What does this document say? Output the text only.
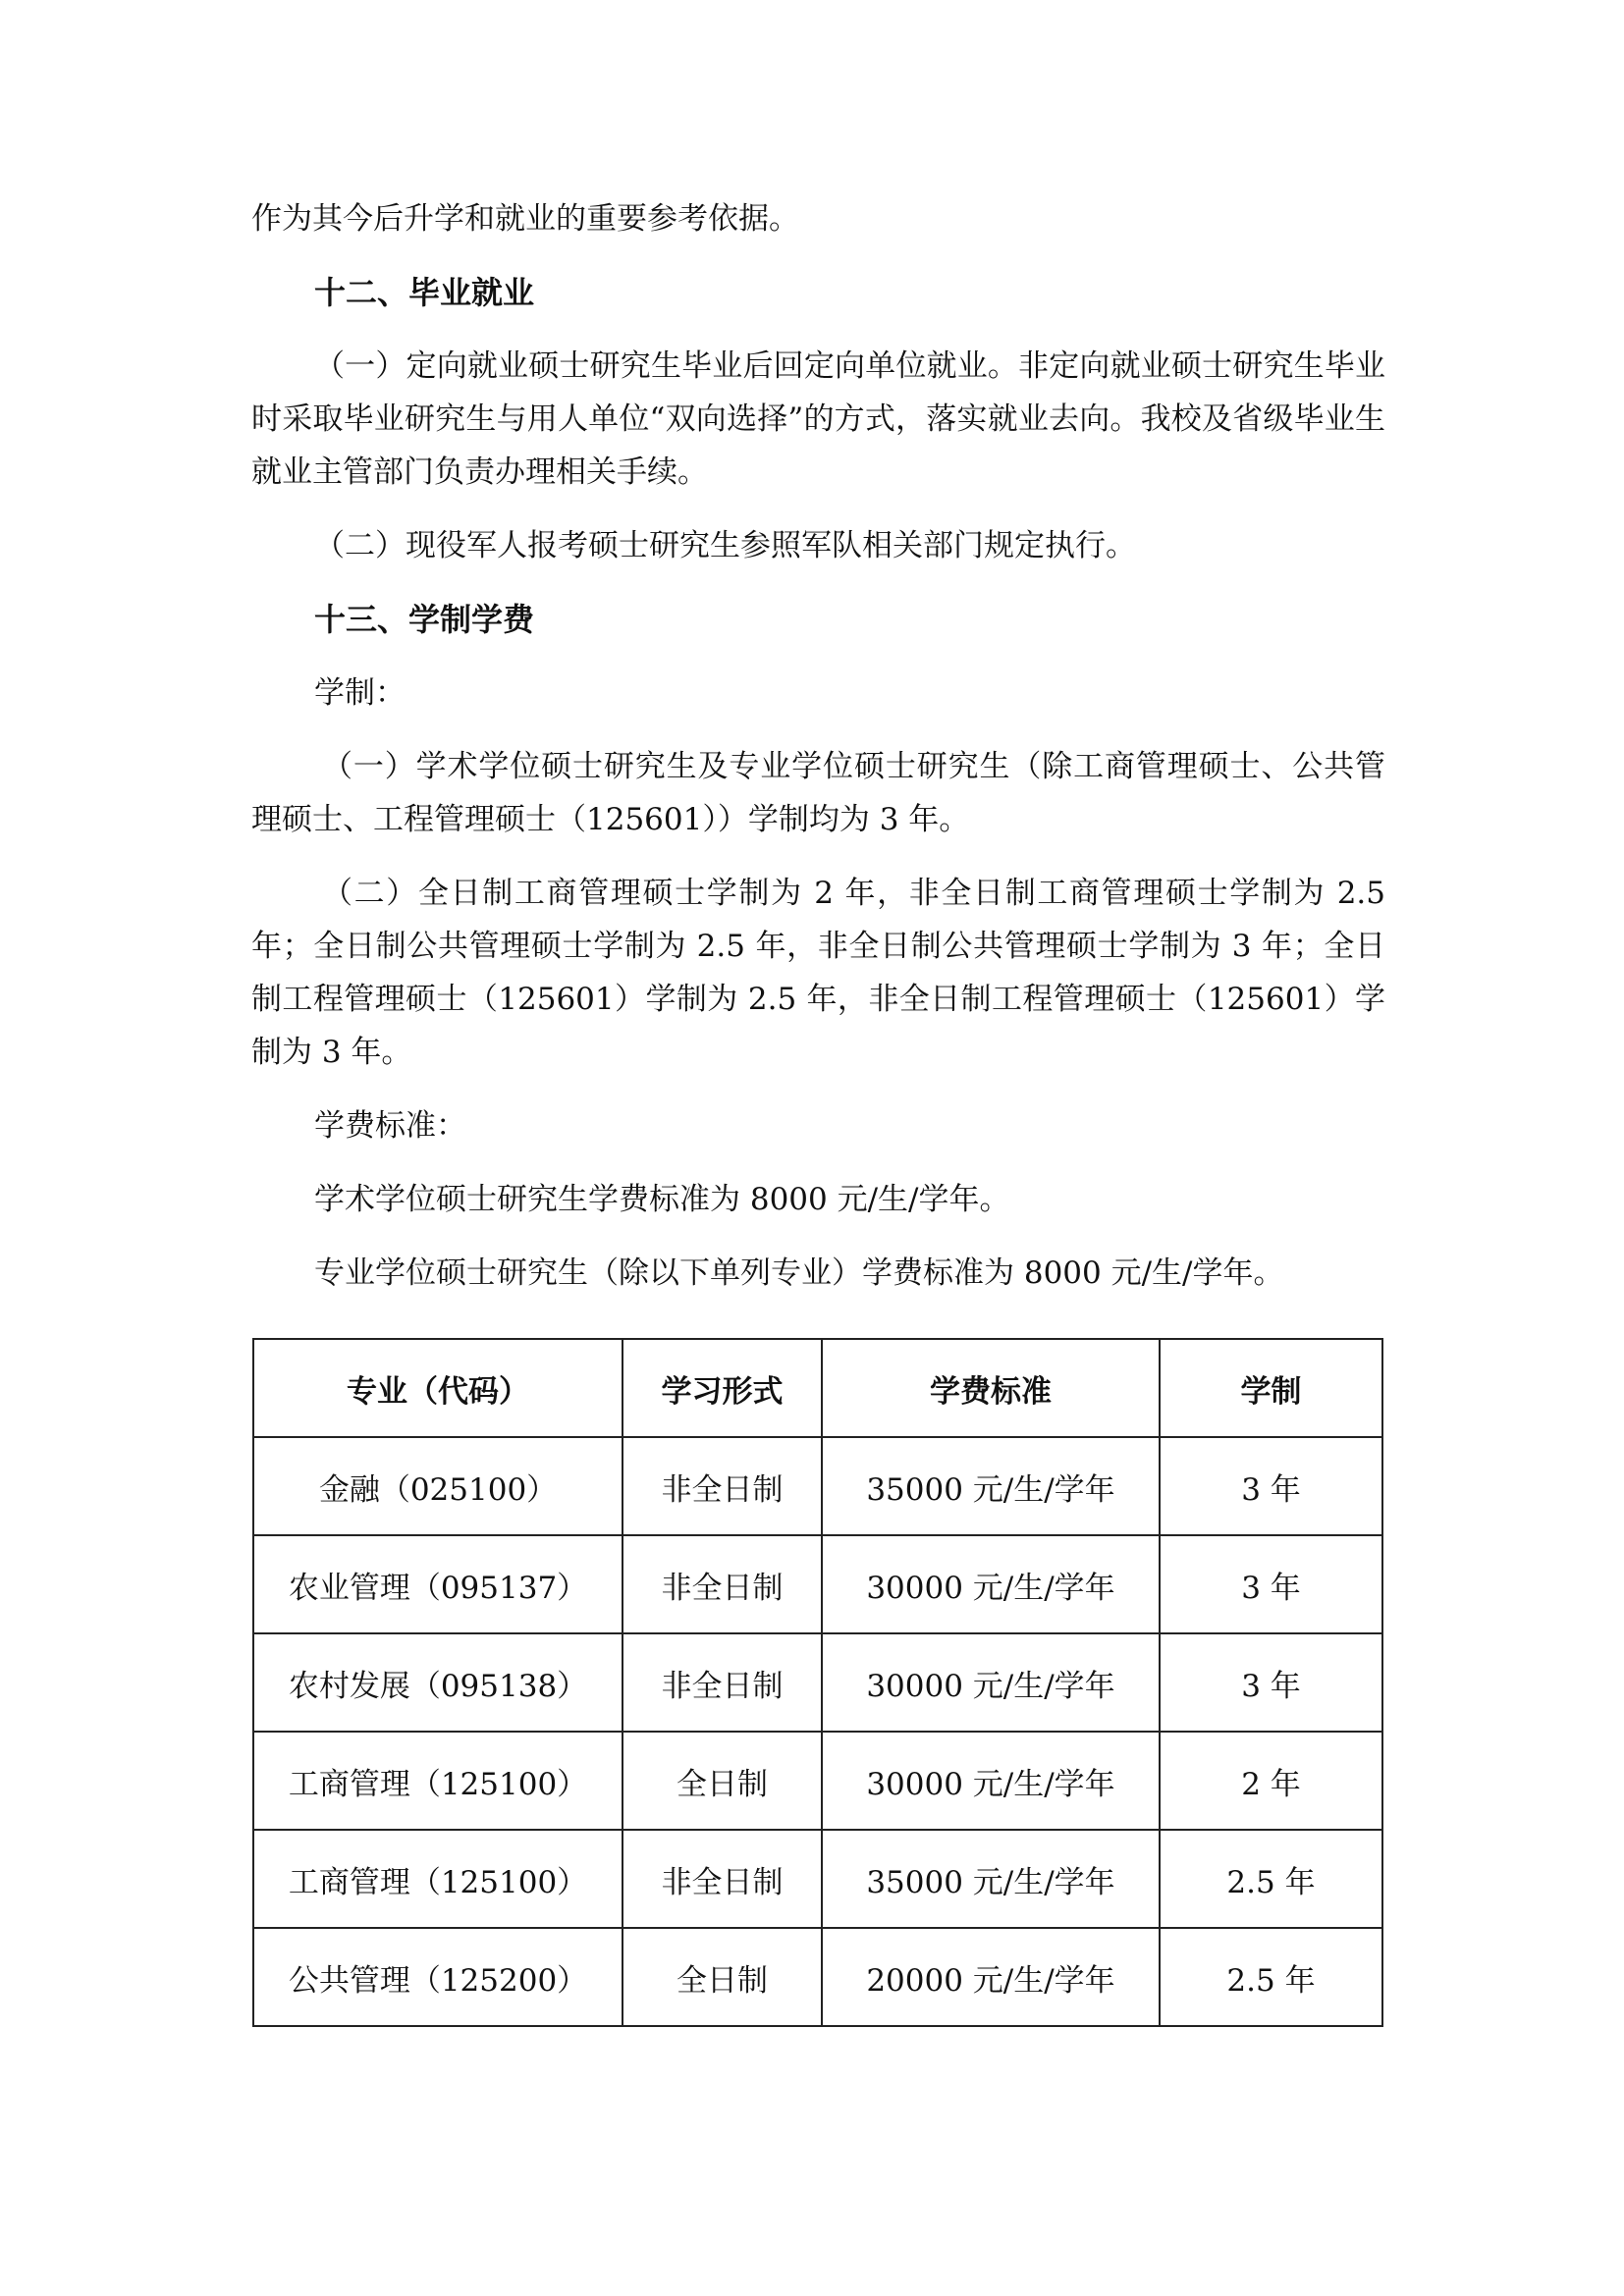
作为其今后升学和就业的重要参考依据。

十二、毕业就业

（一）定向就业硕士研究生毕业后回定向单位就业。非定向就业硕士研究生毕业时采取毕业研究生与用人单位“双向选择”的方式，落实就业去向。我校及省级毕业生就业主管部门负责办理相关手续。

（二）现役军人报考硕士研究生参照军队相关部门规定执行。

十三、学制学费

学制：

（一）学术学位硕士研究生及专业学位硕士研究生（除工商管理硕士、公共管理硕士、工程管理硕士（125601））学制均为 3 年。

（二）全日制工商管理硕士学制为 2 年，非全日制工商管理硕士学制为 2.5 年；全日制公共管理硕士学制为 2.5 年，非全日制公共管理硕士学制为 3 年；全日制工程管理硕士（125601）学制为 2.5 年，非全日制工程管理硕士（125601）学制为 3 年。

学费标准：

学术学位硕士研究生学费标准为 8000 元/生/学年。

专业学位硕士研究生（除以下单列专业）学费标准为 8000 元/生/学年。

专业（代码）	学习形式	学费标准	学制
金融（025100）	非全日制	35000 元/生/学年	3 年
农业管理（095137）	非全日制	30000 元/生/学年	3 年
农村发展（095138）	非全日制	30000 元/生/学年	3 年
工商管理（125100）	全日制	30000 元/生/学年	2 年
工商管理（125100）	非全日制	35000 元/生/学年	2.5 年
公共管理（125200）	全日制	20000 元/生/学年	2.5 年
